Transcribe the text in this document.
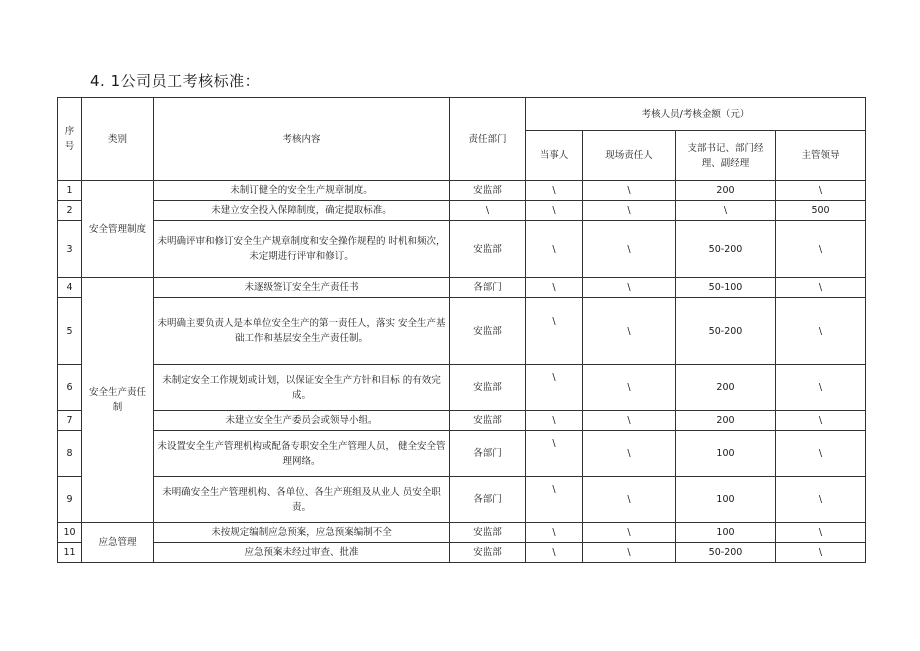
4. 1公司员工考核标准：
序 号	类别	考核内容	责任部门	考核人员/考核金额（元）			
				当事人	现场责任人	支部书记、部门经理、副经理	主管领导
1	安全管理制度	未制订健全的安全生产规章制度。	安监部	\	\	200	\
2		未建立安全投入保障制度，确定提取标准。	\	\	\	\	500
3		未明确评审和修订安全生产规章制度和安全操作规程的 时机和频次，未定期进行评审和修订。	安监部	\	\	50-200	\
4	安全生产责任制	未逐级签订安全生产责任书	各部门	\	\	50-100	\
5		未明确主要负责人是本单位安全生产的第一责任人，落实 安全生产基础工作和基层安全生产责任制。	安监部	\	\	50-200	\
6		未制定安全工作规划或计划，以保证安全生产方针和目标 的有效完成。	安监部	\	\	200	\
7		未建立安全生产委员会或领导小组。	安监部	\	\	200	\
8		未设置安全生产管理机构或配备专职安全生产管理人员， 健全安全管理网络。	各部门	\	\	100	\
9		未明确安全生产管理机构、各单位、各生产班组及从业人 员安全职责。	各部门	\	\	100	\
10	应急管理	未按规定编制应急预案，应急预案编制不全	安监部	\	\	100	\
11		应急预案未经过审查、批准	安监部	\	\	50-200	\
